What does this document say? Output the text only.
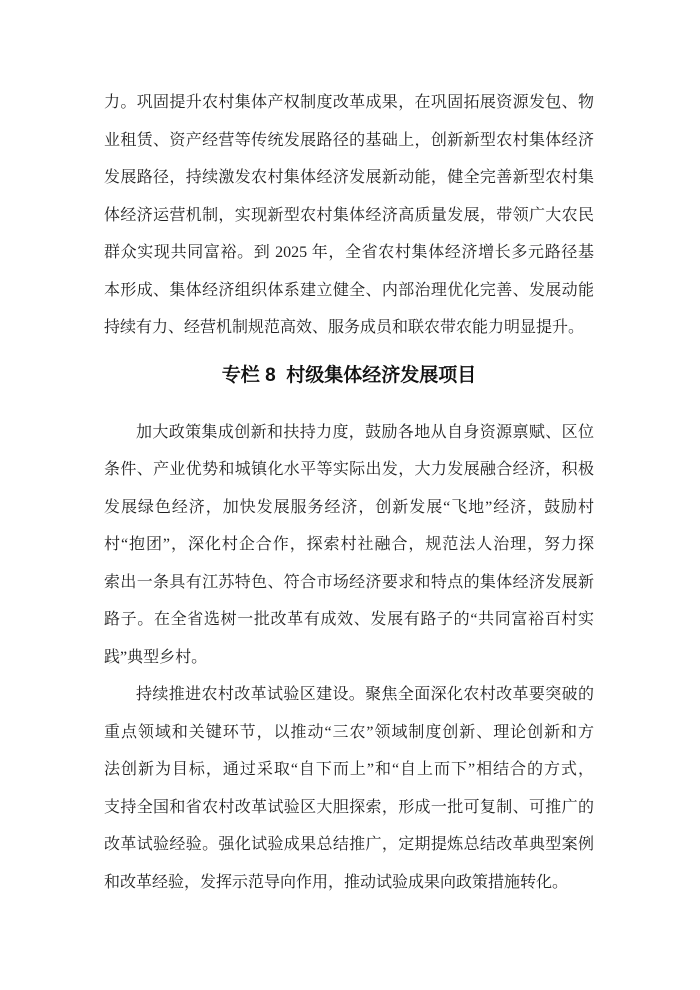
力。巩固提升农村集体产权制度改革成果，在巩固拓展资源发包、物
业租赁、资产经营等传统发展路径的基础上，创新新型农村集体经济
发展路径，持续激发农村集体经济发展新动能，健全完善新型农村集
体经济运营机制，实现新型农村集体经济高质量发展，带领广大农民
群众实现共同富裕。到 2025 年，全省农村集体经济增长多元路径基
本形成、集体经济组织体系建立健全、内部治理优化完善、发展动能
持续有力、经营机制规范高效、服务成员和联农带农能力明显提升。
专栏 8  村级集体经济发展项目
加大政策集成创新和扶持力度，鼓励各地从自身资源禀赋、区位
条件、产业优势和城镇化水平等实际出发，大力发展融合经济，积极
发展绿色经济，加快发展服务经济，创新发展“飞地”经济，鼓励村
村“抱团”，深化村企合作，探索村社融合，规范法人治理，努力探
索出一条具有江苏特色、符合市场经济要求和特点的集体经济发展新
路子。在全省选树一批改革有成效、发展有路子的“共同富裕百村实
践”典型乡村。
持续推进农村改革试验区建设。聚焦全面深化农村改革要突破的
重点领域和关键环节，以推动“三农”领域制度创新、理论创新和方
法创新为目标，通过采取“自下而上”和“自上而下”相结合的方式，
支持全国和省农村改革试验区大胆探索，形成一批可复制、可推广的
改革试验经验。强化试验成果总结推广，定期提炼总结改革典型案例
和改革经验，发挥示范导向作用，推动试验成果向政策措施转化。
